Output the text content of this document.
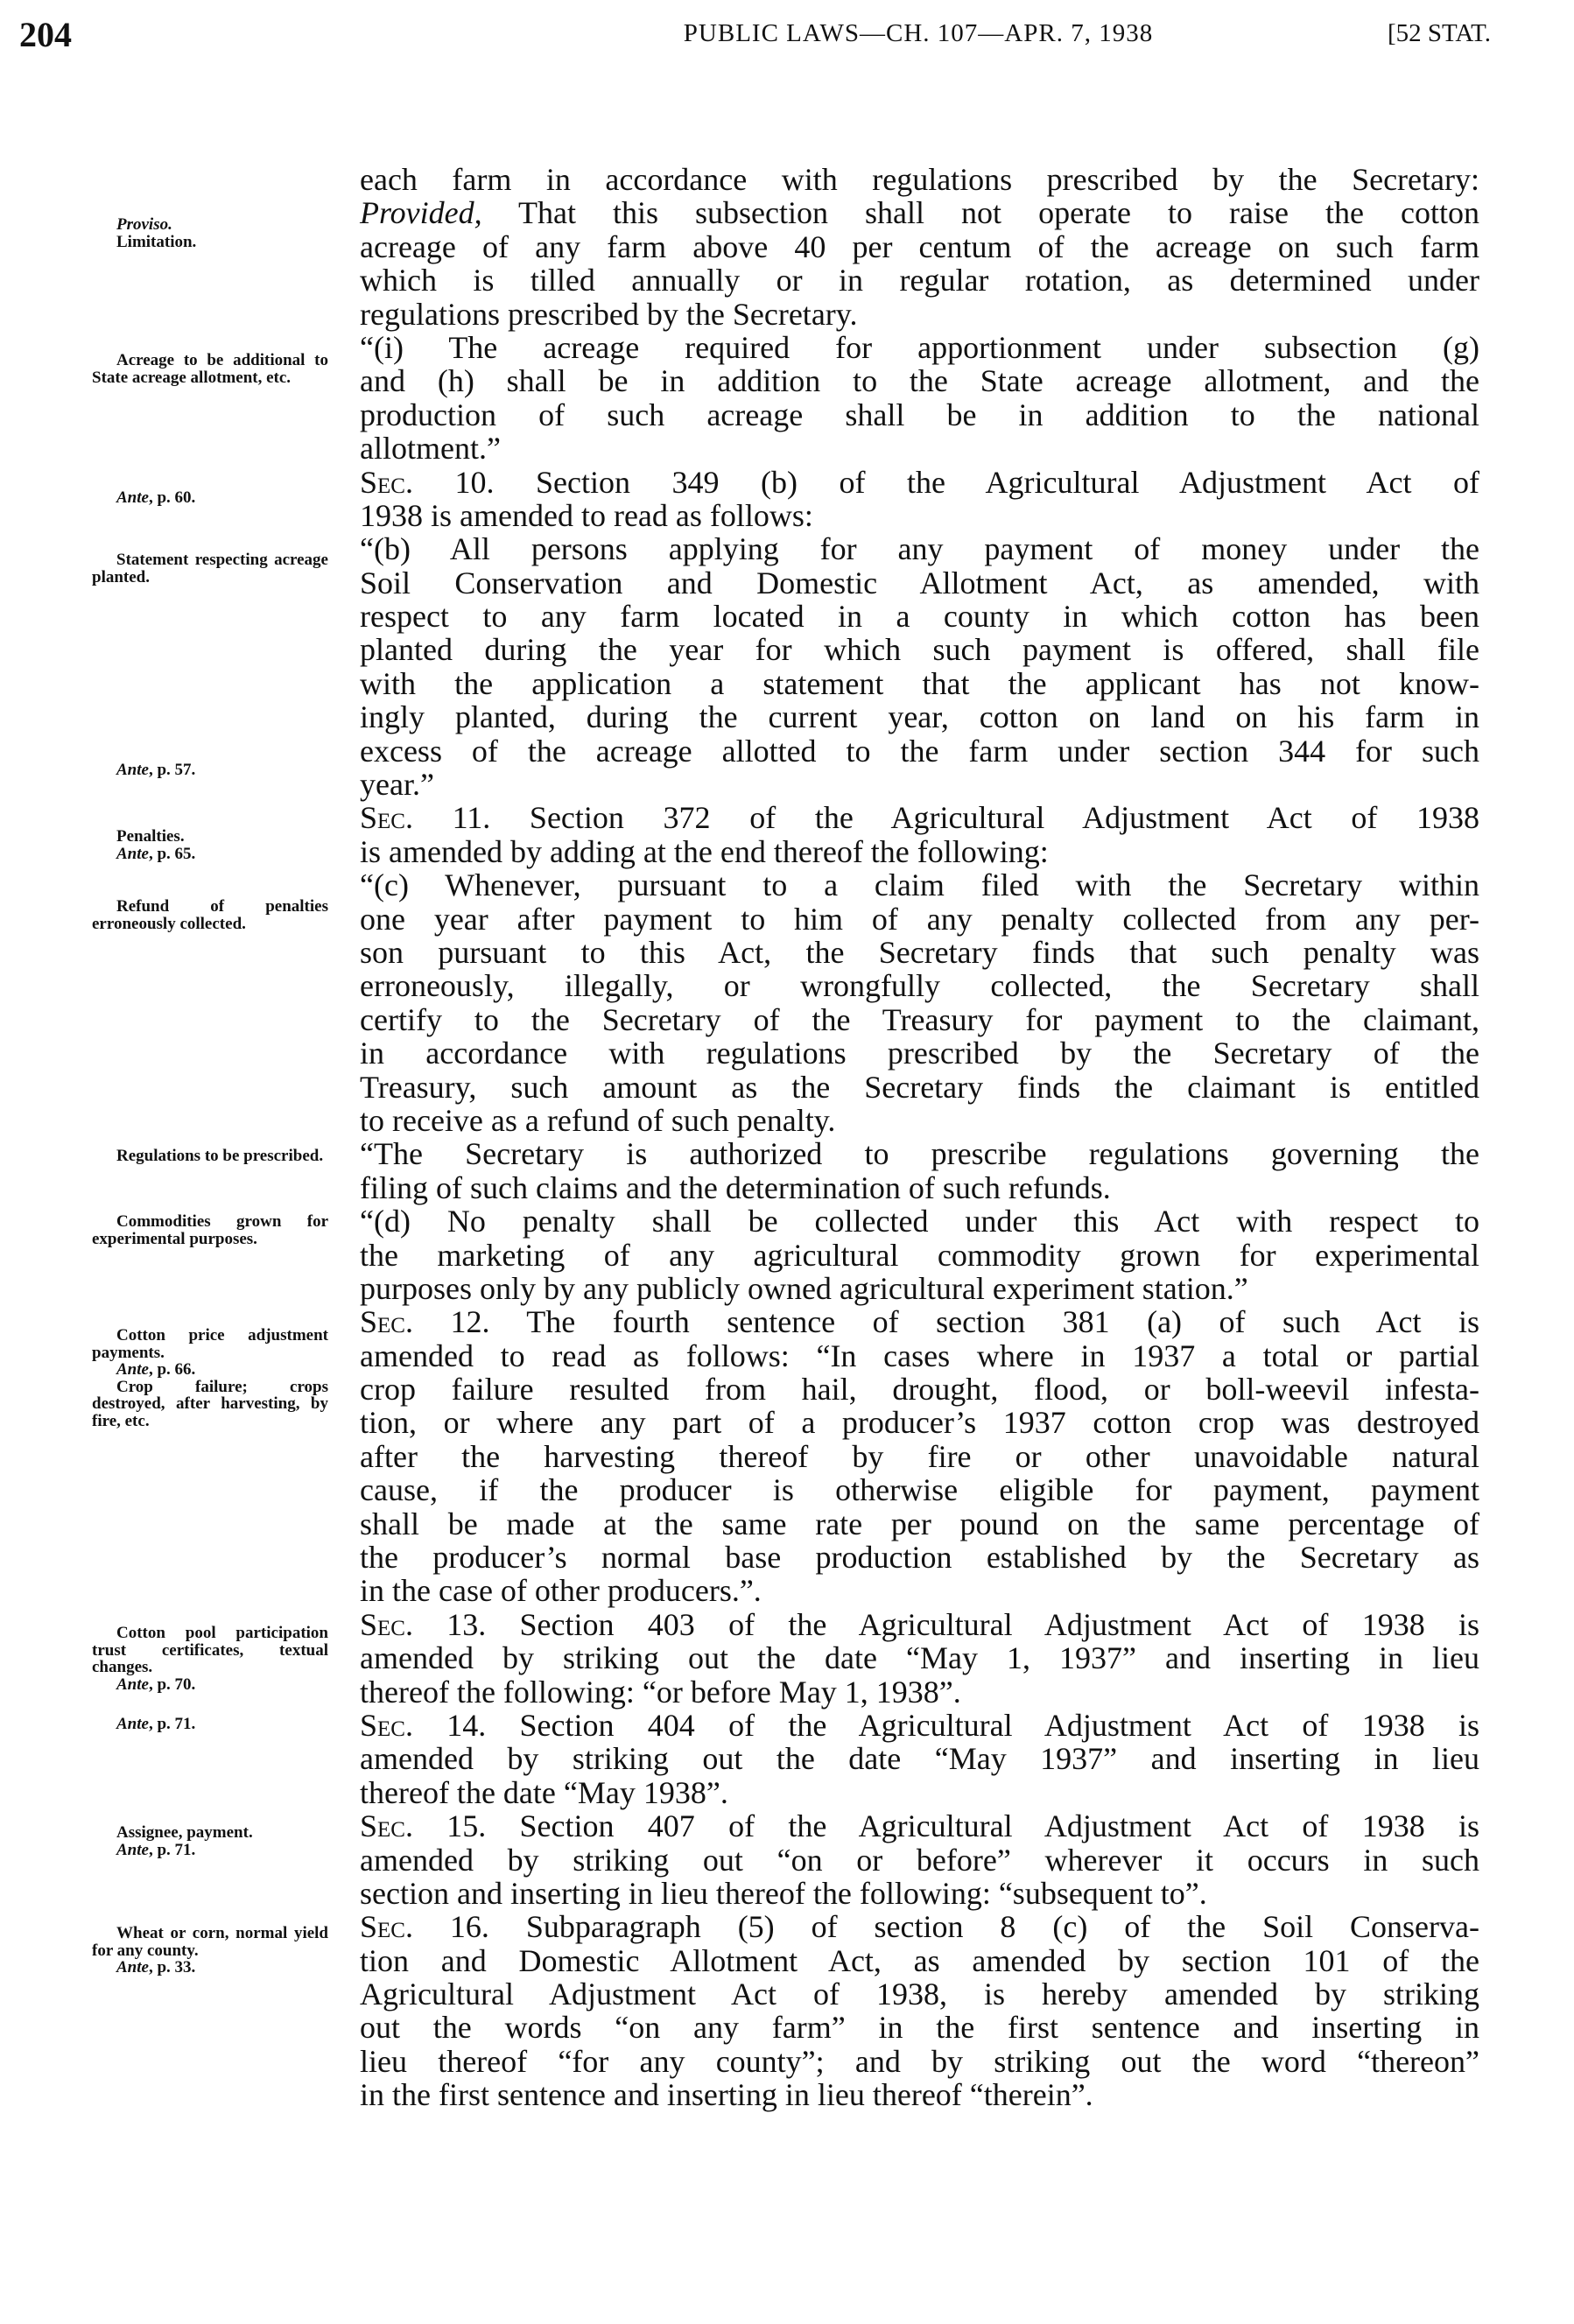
204	PUBLIC LAWS—CH. 107—APR. 7, 1938	[52 STAT.
each farm in accordance with regulations prescribed by the Secretary:
Provided, That this subsection shall not operate to raise the cotton
acreage of any farm above 40 per centum of the acreage on such farm
which is tilled annually or in regular rotation, as determined under
regulations prescribed by the Secretary.
“(i) The acreage required for apportionment under subsection (g)
and (h) shall be in addition to the State acreage allotment, and the
production of such acreage shall be in addition to the national
allotment.”
Sec. 10. Section 349 (b) of the Agricultural Adjustment Act of
1938 is amended to read as follows:
“(b) All persons applying for any payment of money under the
Soil Conservation and Domestic Allotment Act, as amended, with
respect to any farm located in a county in which cotton has been
planted during the year for which such payment is offered, shall file
with the application a statement that the applicant has not know-
ingly planted, during the current year, cotton on land on his farm in
excess of the acreage allotted to the farm under section 344 for such
year.”
Sec. 11. Section 372 of the Agricultural Adjustment Act of 1938
is amended by adding at the end thereof the following:
“(c) Whenever, pursuant to a claim filed with the Secretary within
one year after payment to him of any penalty collected from any per-
son pursuant to this Act, the Secretary finds that such penalty was
erroneously, illegally, or wrongfully collected, the Secretary shall
certify to the Secretary of the Treasury for payment to the claimant,
in accordance with regulations prescribed by the Secretary of the
Treasury, such amount as the Secretary finds the claimant is entitled
to receive as a refund of such penalty.
“The Secretary is authorized to prescribe regulations governing the
filing of such claims and the determination of such refunds.
“(d) No penalty shall be collected under this Act with respect to
the marketing of any agricultural commodity grown for experimental
purposes only by any publicly owned agricultural experiment station.”
Sec. 12. The fourth sentence of section 381 (a) of such Act is
amended to read as follows: “In cases where in 1937 a total or partial
crop failure resulted from hail, drought, flood, or boll-weevil infesta-
tion, or where any part of a producer’s 1937 cotton crop was destroyed
after the harvesting thereof by fire or other unavoidable natural
cause, if the producer is otherwise eligible for payment, payment
shall be made at the same rate per pound on the same percentage of
the producer’s normal base production established by the Secretary as
in the case of other producers.”.
Sec. 13. Section 403 of the Agricultural Adjustment Act of 1938 is
amended by striking out the date “May 1, 1937” and inserting in lieu
thereof the following: “or before May 1, 1938”.
Sec. 14. Section 404 of the Agricultural Adjustment Act of 1938 is
amended by striking out the date “May 1937” and inserting in lieu
thereof the date “May 1938”.
Sec. 15. Section 407 of the Agricultural Adjustment Act of 1938 is
amended by striking out “on or before” wherever it occurs in such
section and inserting in lieu thereof the following: “subsequent to”.
Sec. 16. Subparagraph (5) of section 8 (c) of the Soil Conserva-
tion and Domestic Allotment Act, as amended by section 101 of the
Agricultural Adjustment Act of 1938, is hereby amended by striking
out the words “on any farm” in the first sentence and inserting in
lieu thereof “for any county”; and by striking out the word “thereon”
in the first sentence and inserting in lieu thereof “therein”.
Proviso.
Limitation.
Acreage to be additional to State acreage allotment, etc.
Ante, p. 60.
Statement respecting acreage planted.
Ante, p. 57.
Penalties.
Ante, p. 65.
Refund of penalties erroneously collected.
Regulations to be prescribed.
Commodities grown for experimental purposes.
Cotton price adjustment payments.
Ante, p. 66.
Crop failure; crops destroyed, after harvesting, by fire, etc.
Cotton pool participation trust certificates, textual changes.
Ante, p. 70.
Ante, p. 71.
Assignee, payment.
Ante, p. 71.
Wheat or corn, normal yield for any county.
Ante, p. 33.
